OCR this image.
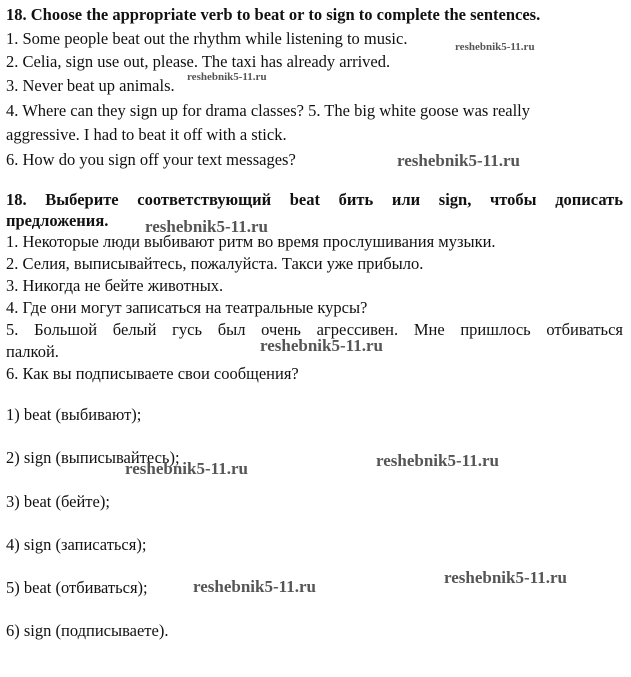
18. Choose the appropriate verb to beat or to sign to complete the sentences.
1. Some people beat out the rhythm while listening to music.
2. Celia, sign use out, please. The taxi has already arrived.
3. Never beat up animals.
4. Where can they sign up for drama classes? 5. The big white goose was really
aggressive. I had to beat it off with a stick.
6. How do you sign off your text messages?
18. Выберите соответствующий beat бить или sign, чтобы дописать
предложения.
1. Некоторые люди выбивают ритм во время прослушивания музыки.
2. Селия, выписывайтесь, пожалуйста. Такси уже прибыло.
3. Никогда не бейте животных.
4. Где они могут записаться на театральные курсы?
5. Большой белый гусь был очень агрессивен. Мне пришлось отбиваться
палкой.
6. Как вы подписываете свои сообщения?
1) beat (выбивают);
2) sign (выписывайтесь);
3) beat (бейте);
4) sign (записаться);
5) beat (отбиваться);
6) sign (подписываете).
reshebnik5-11.ru
reshebnik5-11.ru
reshebnik5-11.ru
reshebnik5-11.ru
reshebnik5-11.ru
reshebnik5-11.ru
reshebnik5-11.ru
reshebnik5-11.ru
reshebnik5-11.ru
